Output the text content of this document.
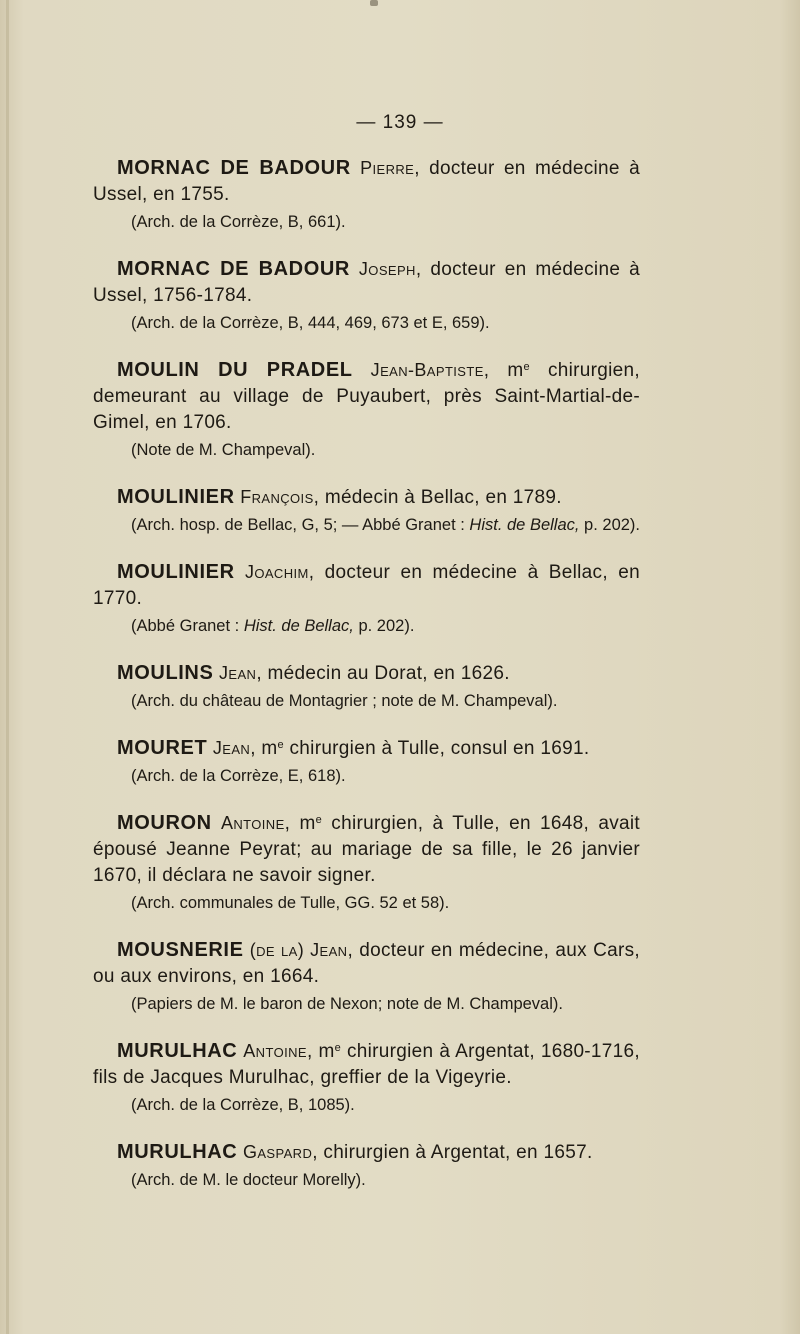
— 139 —

MORNAC DE BADOUR Pierre, docteur en médecine à Ussel, en 1755.

(Arch. de la Corrèze, B, 661).

MORNAC DE BADOUR Joseph, docteur en médecine à Ussel, 1756-1784.

(Arch. de la Corrèze, B, 444, 469, 673 et E, 659).

MOULIN DU PRADEL Jean-Baptiste, $m^e$ chirurgien, demeurant au village de Puyaubert, près Saint-Martial-de-Gimel, en 1706.

(Note de M. Champeval).

MOULINIER François, médecin à Bellac, en 1789.

(Arch. hosp. de Bellac, G, 5; — Abbé Granet : Hist. de Bellac, p. 202).

MOULINIER Joachim, docteur en médecine à Bellac, en 1770.

(Abbé Granet : Hist. de Bellac, p. 202).

MOULINS Jean, médecin au Dorat, en 1626.

(Arch. du château de Montagrier ; note de M. Champeval).

MOURET Jean, $m^e$ chirurgien à Tulle, consul en 1691.

(Arch. de la Corrèze, E, 618).

MOURON Antoine, $m^e$ chirurgien, à Tulle, en 1648, avait épousé Jeanne Peyrat; au mariage de sa fille, le 26 janvier 1670, il déclara ne savoir signer.

(Arch. communales de Tulle, GG. 52 et 58).

MOUSNERIE (de la) Jean, docteur en médecine, aux Cars, ou aux environs, en 1664.

(Papiers de M. le baron de Nexon; note de M. Champeval).

MURULHAC Antoine, $m^e$ chirurgien à Argentat, 1680-1716, fils de Jacques Murulhac, greffier de la Vigeyrie.

(Arch. de la Corrèze, B, 1085).

MURULHAC Gaspard, chirurgien à Argentat, en 1657.

(Arch. de M. le docteur Morelly).
